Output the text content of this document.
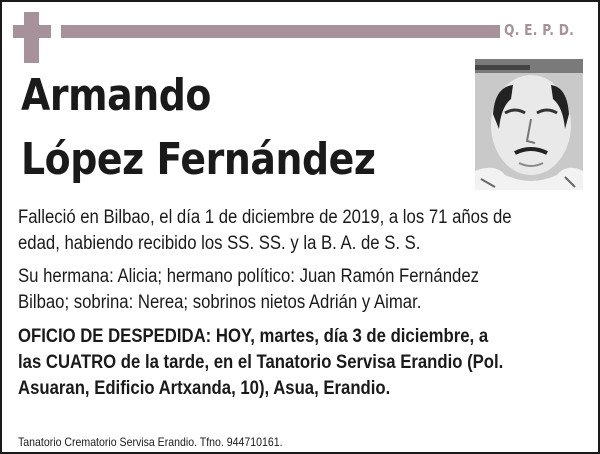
Q. E. P. D.
Armando
López Fernández
Falleció en Bilbao, el día 1 de diciembre de 2019, a los 71 años de
edad, habiendo recibido los SS. SS. y la B. A. de S. S.
Su hermana: Alicia; hermano político: Juan Ramón Fernández
Bilbao; sobrina: Nerea; sobrinos nietos Adrián y Aimar.
OFICIO DE DESPEDIDA: HOY, martes, día 3 de diciembre, a
las CUATRO de la tarde, en el Tanatorio Servisa Erandio (Pol.
Asuaran, Edificio Artxanda, 10), Asua, Erandio.
Tanatorio Crematorio Servisa Erandio. Tfno. 944710161.
